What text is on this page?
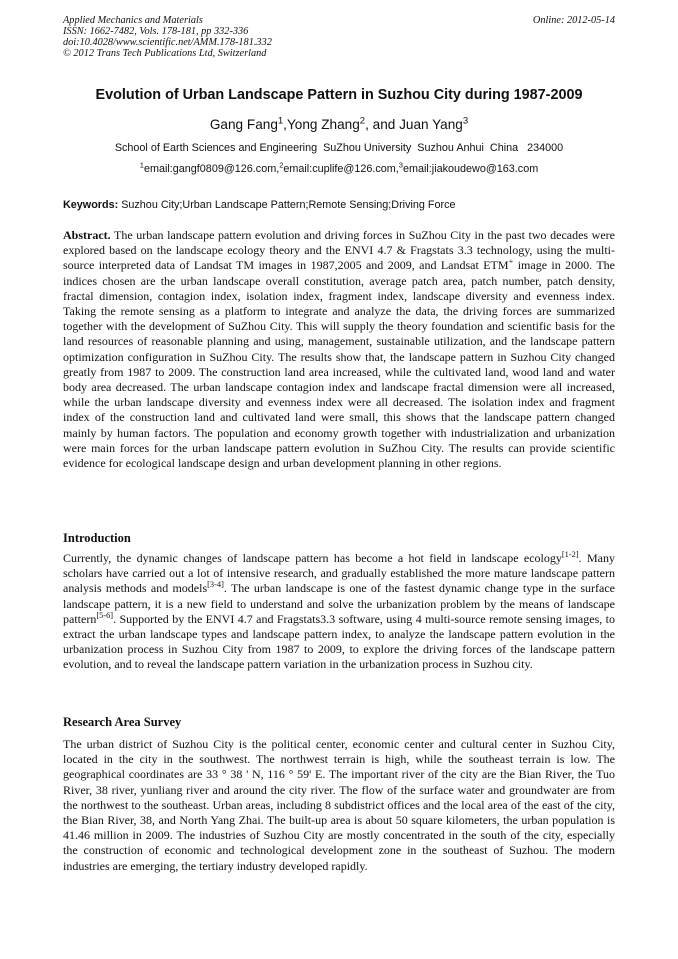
Applied Mechanics and Materials
ISSN: 1662-7482, Vols. 178-181, pp 332-336
doi:10.4028/www.scientific.net/AMM.178-181.332
© 2012 Trans Tech Publications Ltd, Switzerland
Online: 2012-05-14
Evolution of Urban Landscape Pattern in Suzhou City during 1987-2009
Gang Fang$^1$,Yong Zhang$^2$, and Juan Yang$^3$
School of Earth Sciences and Engineering  SuZhou University  Suzhou Anhui  China   234000
$^1$email:gangf0809@126.com,$^2$email:cuplife@126.com,$^3$email:jiakoudewo@163.com
Keywords: Suzhou City;Urban Landscape Pattern;Remote Sensing;Driving Force
Abstract. The urban landscape pattern evolution and driving forces in SuZhou City in the past two decades were explored based on the landscape ecology theory and the ENVI 4.7 & Fragstats 3.3 technology, using the multi-source interpreted data of Landsat TM images in 1987,2005 and 2009, and Landsat ETM+ image in 2000. The indices chosen are the urban landscape overall constitution, average patch area, patch number, patch density, fractal dimension, contagion index, isolation index, fragment index, landscape diversity and evenness index. Taking the remote sensing as a platform to integrate and analyze the data, the driving forces are summarized together with the development of SuZhou City. This will supply the theory foundation and scientific basis for the land resources of reasonable planning and using, management, sustainable utilization, and the landscape pattern optimization configuration in SuZhou City. The results show that, the landscape pattern in Suzhou City changed greatly from 1987 to 2009. The construction land area increased, while the cultivated land, wood land and water body area decreased. The urban landscape contagion index and landscape fractal dimension were all increased, while the urban landscape diversity and evenness index were all decreased. The isolation index and fragment index of the construction land and cultivated land were small, this shows that the landscape pattern changed mainly by human factors. The population and economy growth together with industrialization and urbanization were main forces for the urban landscape pattern evolution in SuZhou City. The results can provide scientific evidence for ecological landscape design and urban development planning in other regions.
Introduction
Currently, the dynamic changes of landscape pattern has become a hot field in landscape ecology[1-2]. Many scholars have carried out a lot of intensive research, and gradually established the more mature landscape pattern analysis methods and models[3-4]. The urban landscape is one of the fastest dynamic change type in the surface landscape pattern, it is a new field to understand and solve the urbanization problem by the means of landscape pattern[5-6]. Supported by the ENVI 4.7 and Fragstats3.3 software, using 4 multi-source remote sensing images, to extract the urban landscape types and landscape pattern index, to analyze the landscape pattern evolution in the urbanization process in Suzhou City from 1987 to 2009, to explore the driving forces of the landscape pattern evolution, and to reveal the landscape pattern variation in the urbanization process in Suzhou city.
Research Area Survey
The urban district of Suzhou City is the political center, economic center and cultural center in Suzhou City, located in the city in the southwest. The northwest terrain is high, while the southeast terrain is low. The geographical coordinates are 33 ° 38 ' N, 116 ° 59' E. The important river of the city are the Bian River, the Tuo River, 38 river, yunliang river and around the city river. The flow of the surface water and groundwater are from the northwest to the southeast. Urban areas, including 8 subdistrict offices and the local area of the east of the city, the Bian River, 38, and North Yang Zhai. The built-up area is about 50 square kilometers, the urban population is 41.46 million in 2009. The industries of Suzhou City are mostly concentrated in the south of the city, especially the construction of economic and technological development zone in the southeast of Suzhou. The modern industries are emerging, the tertiary industry developed rapidly.
